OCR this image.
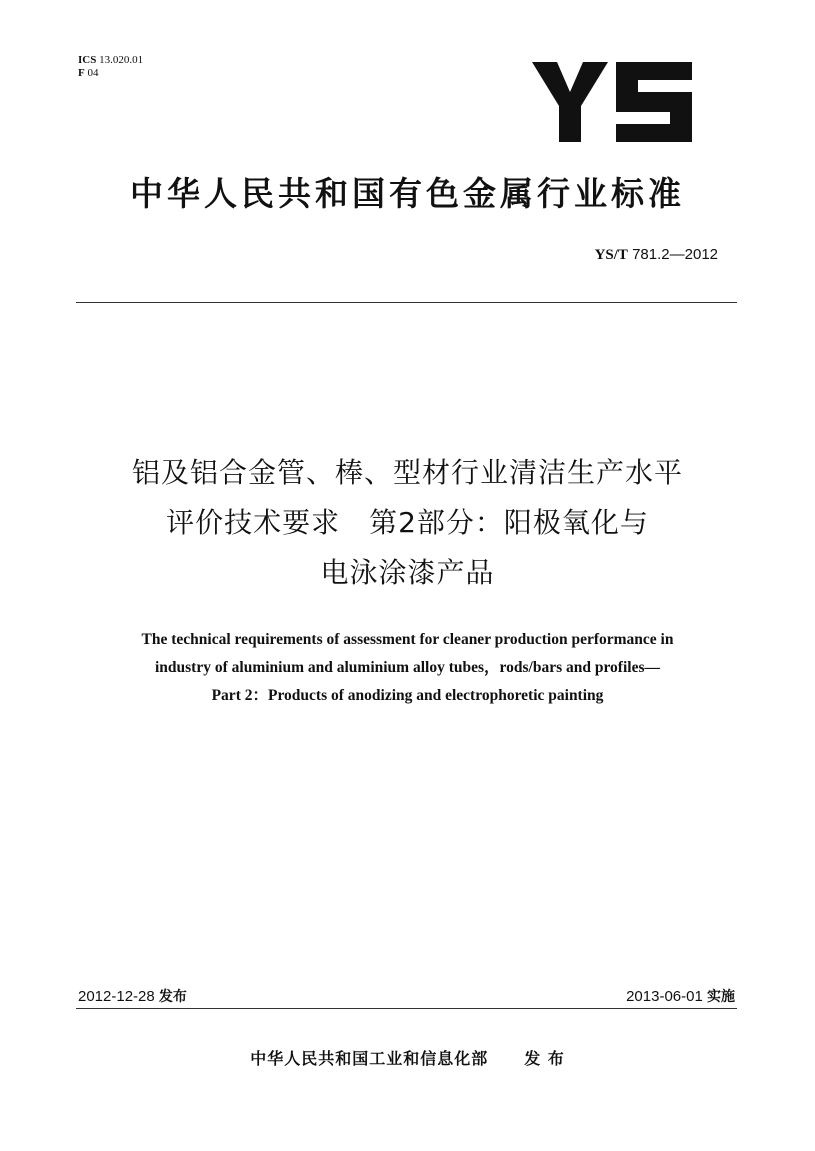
ICS 13.020.01
F 04
中华人民共和国有色金属行业标准
YS/T 781.2—2012
铝及铝合金管、棒、型材行业清洁生产水平
评价技术要求　第2部分：阳极氧化与
电泳涂漆产品
The technical requirements of assessment for cleaner production performance in
industry of aluminium and aluminium alloy tubes，rods/bars and profiles—
Part 2：Products of anodizing and electrophoretic painting
2012-12-28 发布	2013-06-01 实施
中华人民共和国工业和信息化部 发 布
